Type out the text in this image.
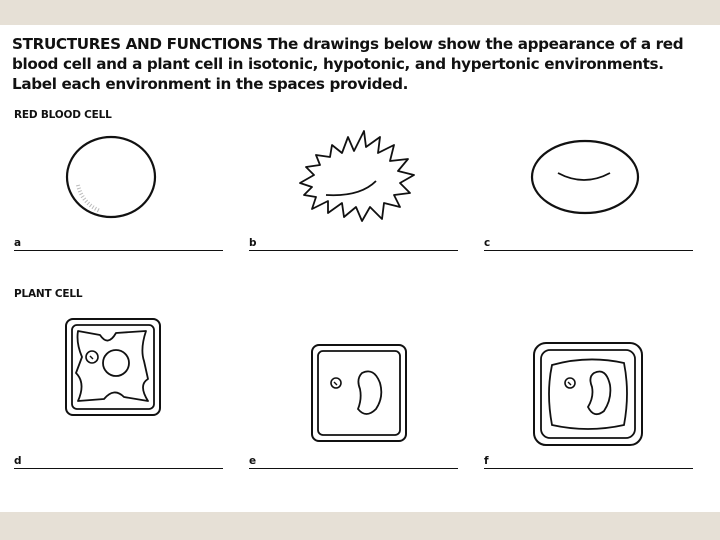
STRUCTURES AND FUNCTIONS The drawings below show the appearance of a red blood cell and a plant cell in isotonic, hypotonic, and hypertonic environments. Label each environment in the spaces provided.
RED BLOOD CELL
a	b	c
PLANT CELL
d	e	f
